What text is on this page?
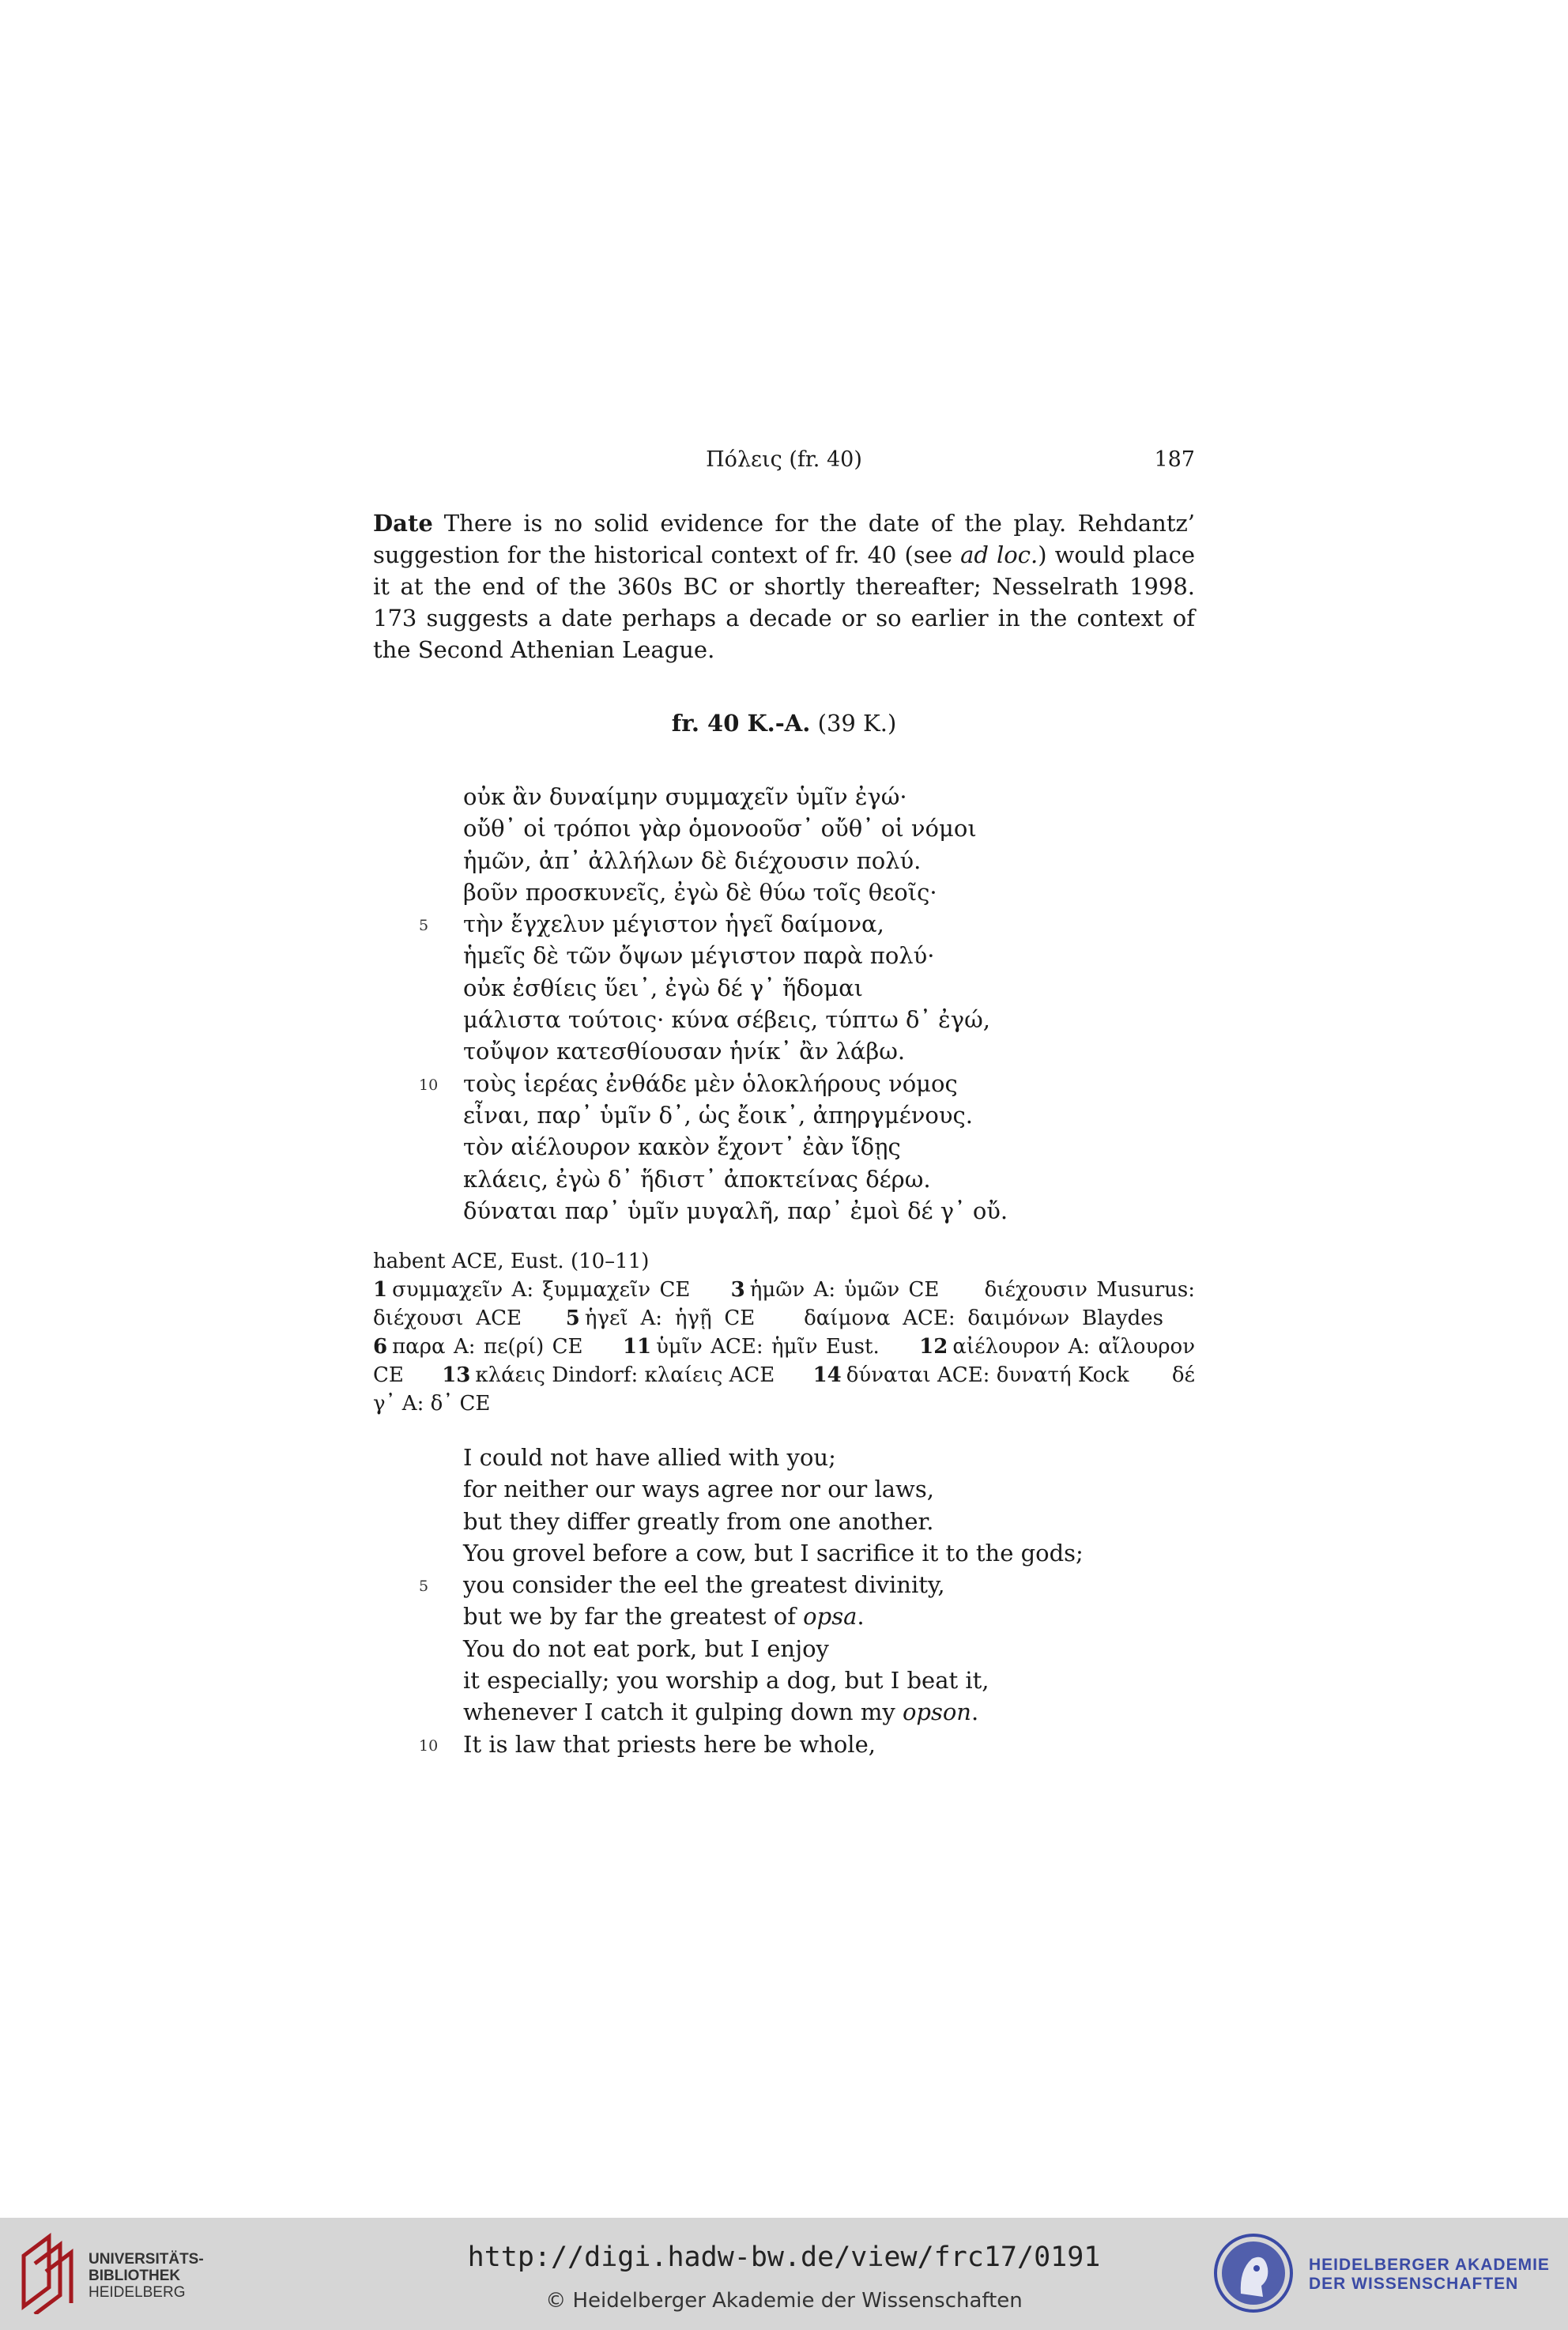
Πόλεις (fr. 40)	187

Date There is no solid evidence for the date of the play. Rehdantz’ suggestion for the historical context of fr. 40 (see ad loc.) would place it at the end of the 360s BC or shortly thereafter; Nesselrath 1998. 173 suggests a date perhaps a decade or so earlier in the context of the Second Athenian League.

fr. 40 K.-A. (39 K.)
οὐκ ἂν δυναίμην συμμαχεῖν ὑμῖν ἐγώ·
οὔθ᾽ οἱ τρόποι γὰρ ὁμονοοῦσ᾽ οὔθ᾽ οἱ νόμοι
ἡμῶν, ἀπ᾽ ἀλλήλων δὲ διέχουσιν πολύ.
βοῦν προσκυνεῖς, ἐγὼ δὲ θύω τοῖς θεοῖς·
5 τὴν ἔγχελυν μέγιστον ἡγεῖ δαίμονα,
ἡμεῖς δὲ τῶν ὄψων μέγιστον παρὰ πολύ·
οὐκ ἐσθίεις ὕει᾽, ἐγὼ δέ γ᾽ ἥδομαι
μάλιστα τούτοις· κύνα σέβεις, τύπτω δ᾽ ἐγώ,
τοὔψον κατεσθίουσαν ἡνίκ᾽ ἂν λάβω.
10 τοὺς ἱερέας ἐνθάδε μὲν ὁλοκλήρους νόμος
εἶναι, παρ᾽ ὑμῖν δ᾽, ὡς ἔοικ᾽, ἀπηργμένους.
τὸν αἰέλουρον κακὸν ἔχοντ᾽ ἐὰν ἴδῃς
κλάεις, ἐγὼ δ᾽ ἥδιστ᾽ ἀποκτείνας δέρω.
δύναται παρ᾽ ὑμῖν μυγαλῆ, παρ᾽ ἐμοὶ δέ γ᾽ οὔ.

habent ACE, Eust. (10–11)

1 συμμαχεῖν A: ξυμμαχεῖν CE 3 ἡμῶν A: ὑμῶν CE διέχουσιν Musurus: διέχουσι ACE 5 ἡγεῖ A: ἡγῇ CE δαίμονα ACE: δαιμόνων Blaydes 6 παρα A: πε(ρί) CE 11 ὑμῖν ACE: ἡμῖν Eust. 12 αἰέλουρον A: αἴλουρον CE 13 κλάεις Dindorf: κλαίεις ACE 14 δύναται ACE: δυνατή Kock δέ γ᾽ A: δ᾽ CE

I could not have allied with you;
for neither our ways agree nor our laws,
but they differ greatly from one another.
You grovel before a cow, but I sacrifice it to the gods;
5 you consider the eel the greatest divinity,
but we by far the greatest of opsa.
You do not eat pork, but I enjoy
it especially; you worship a dog, but I beat it,
whenever I catch it gulping down my opson.
10 It is law that priests here be whole,
UNIVERSITÄTS-
BIBLIOTHEK
HEIDELBERG
http://digi.hadw-bw.de/view/frc17/0191
© Heidelberger Akademie der Wissenschaften
HEIDELBERGER AKADEMIE
DER WISSENSCHAFTEN
